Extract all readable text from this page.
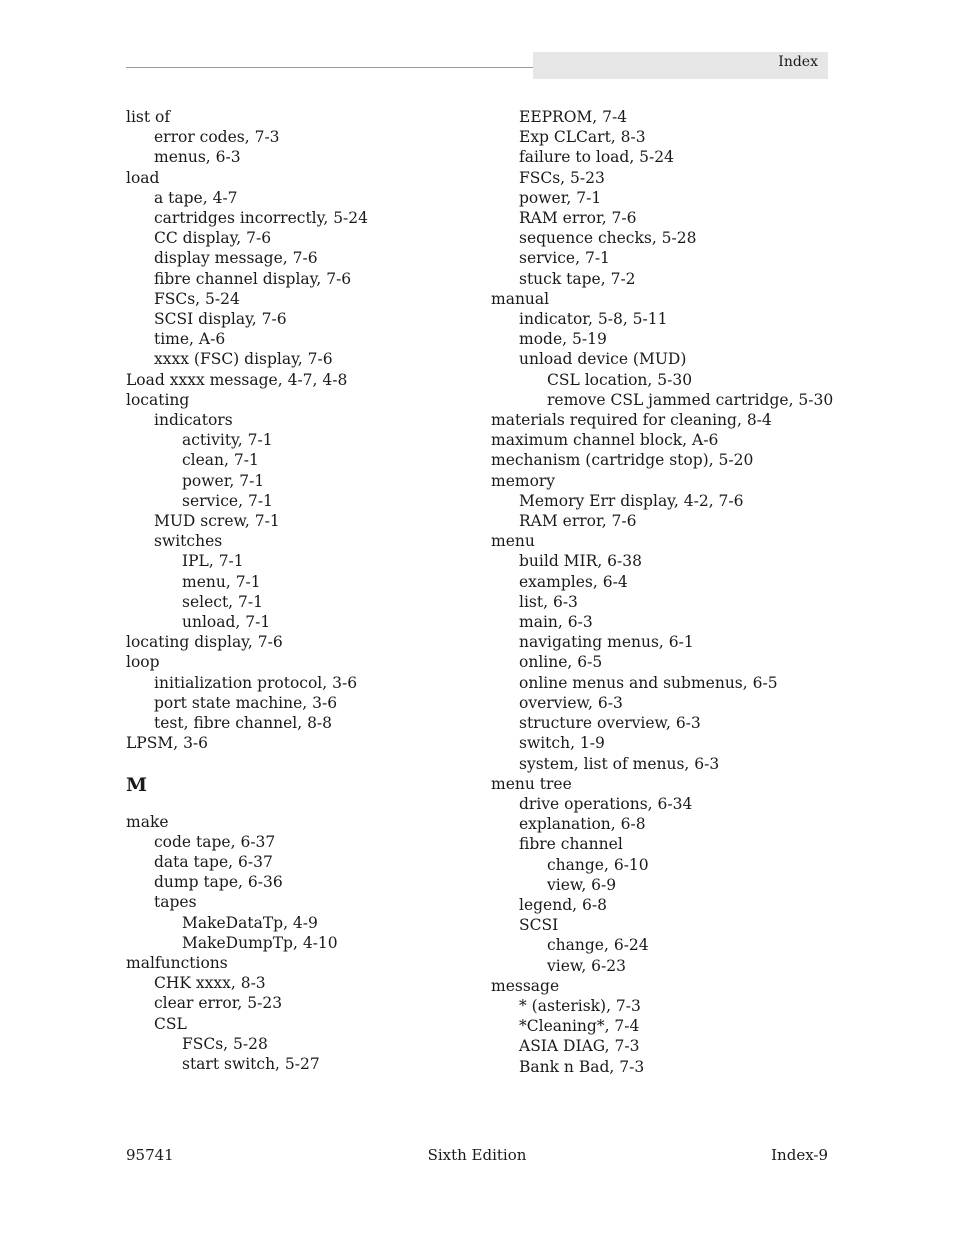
Index
list of
error codes, 7-3
menus, 6-3
load
a tape, 4-7
cartridges incorrectly, 5-24
CC display, 7-6
display message, 7-6
fibre channel display, 7-6
FSCs, 5-24
SCSI display, 7-6
time, A-6
xxxx (FSC) display, 7-6
Load xxxx message, 4-7, 4-8
locating
indicators
activity, 7-1
clean, 7-1
power, 7-1
service, 7-1
MUD screw, 7-1
switches
IPL, 7-1
menu, 7-1
select, 7-1
unload, 7-1
locating display, 7-6
loop
initialization protocol, 3-6
port state machine, 3-6
test, fibre channel, 8-8
LPSM, 3-6
M
make
code tape, 6-37
data tape, 6-37
dump tape, 6-36
tapes
MakeDataTp, 4-9
MakeDumpTp, 4-10
malfunctions
CHK xxxx, 8-3
clear error, 5-23
CSL
FSCs, 5-28
start switch, 5-27
EEPROM, 7-4
Exp CLCart, 8-3
failure to load, 5-24
FSCs, 5-23
power, 7-1
RAM error, 7-6
sequence checks, 5-28
service, 7-1
stuck tape, 7-2
manual
indicator, 5-8, 5-11
mode, 5-19
unload device (MUD)
CSL location, 5-30
remove CSL jammed cartridge, 5-30
materials required for cleaning, 8-4
maximum channel block, A-6
mechanism (cartridge stop), 5-20
memory
Memory Err display, 4-2, 7-6
RAM error, 7-6
menu
build MIR, 6-38
examples, 6-4
list, 6-3
main, 6-3
navigating menus, 6-1
online, 6-5
online menus and submenus, 6-5
overview, 6-3
structure overview, 6-3
switch, 1-9
system, list of menus, 6-3
menu tree
drive operations, 6-34
explanation, 6-8
fibre channel
change, 6-10
view, 6-9
legend, 6-8
SCSI
change, 6-24
view, 6-23
message
* (asterisk), 7-3
*Cleaning*, 7-4
ASIA DIAG, 7-3
Bank n Bad, 7-3
95741	Sixth Edition	Index-9
